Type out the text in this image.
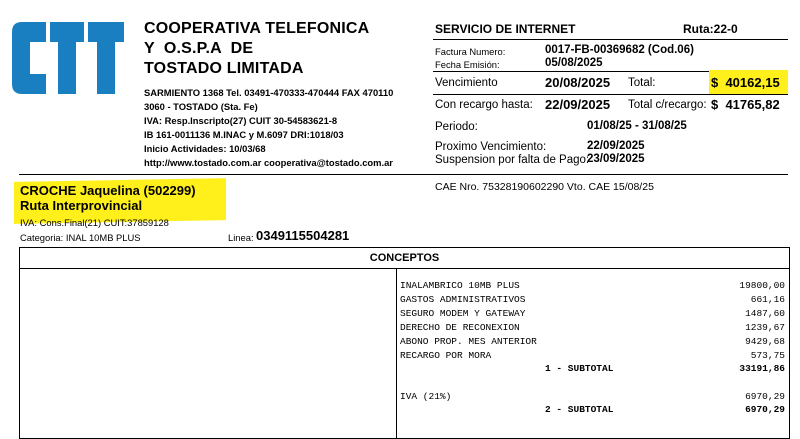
COOPERATIVA TELEFONICA
Y  O.S.P.A  DE
TOSTADO LIMITADA
SARMIENTO 1368 Tel. 03491-470333-470444 FAX 470110
3060 - TOSTADO (Sta. Fe)
IVA: Resp.Inscripto(27) CUIT 30-54583621-8
IB 161-0011136 M.INAC y M.6097 DRI:1018/03
Inicio Actividades: 10/03/68
http://www.tostado.com.ar cooperativa@tostado.com.ar
SERVICIO DE INTERNET	Ruta:22-0
Factura Numero:	0017-FB-00369682 (Cod.06)
Fecha Emisión:	05/08/2025
Vencimiento	20/08/2025 Total:	$  40162,15
Con recargo hasta: 22/09/2025 Total c/recargo: $  41765,82
Periodo:	01/08/25 - 31/08/25
Proximo Vencimiento:	22/09/2025
Suspension por falta de Pago:
23/09/2025
CAE Nro. 75328190602290 Vto. CAE 15/08/25
CROCHE Jaquelina (502299)
Ruta Interprovincial
IVA: Cons.Final(21) CUIT:37859128
Categoria: INAL 10MB PLUS	Linea: 0349115504281
CONCEPTOS
INALAMBRICO 10MB PLUS	19800,00
GASTOS ADMINISTRATIVOS	661,16
SEGURO MODEM Y GATEWAY	1487,60
DERECHO DE RECONEXION	1239,67
ABONO PROP. MES ANTERIOR	9429,68
RECARGO POR MORA	573,75
1 - SUBTOTAL	33191,86
IVA (21%)	6970,29
2 - SUBTOTAL	6970,29
